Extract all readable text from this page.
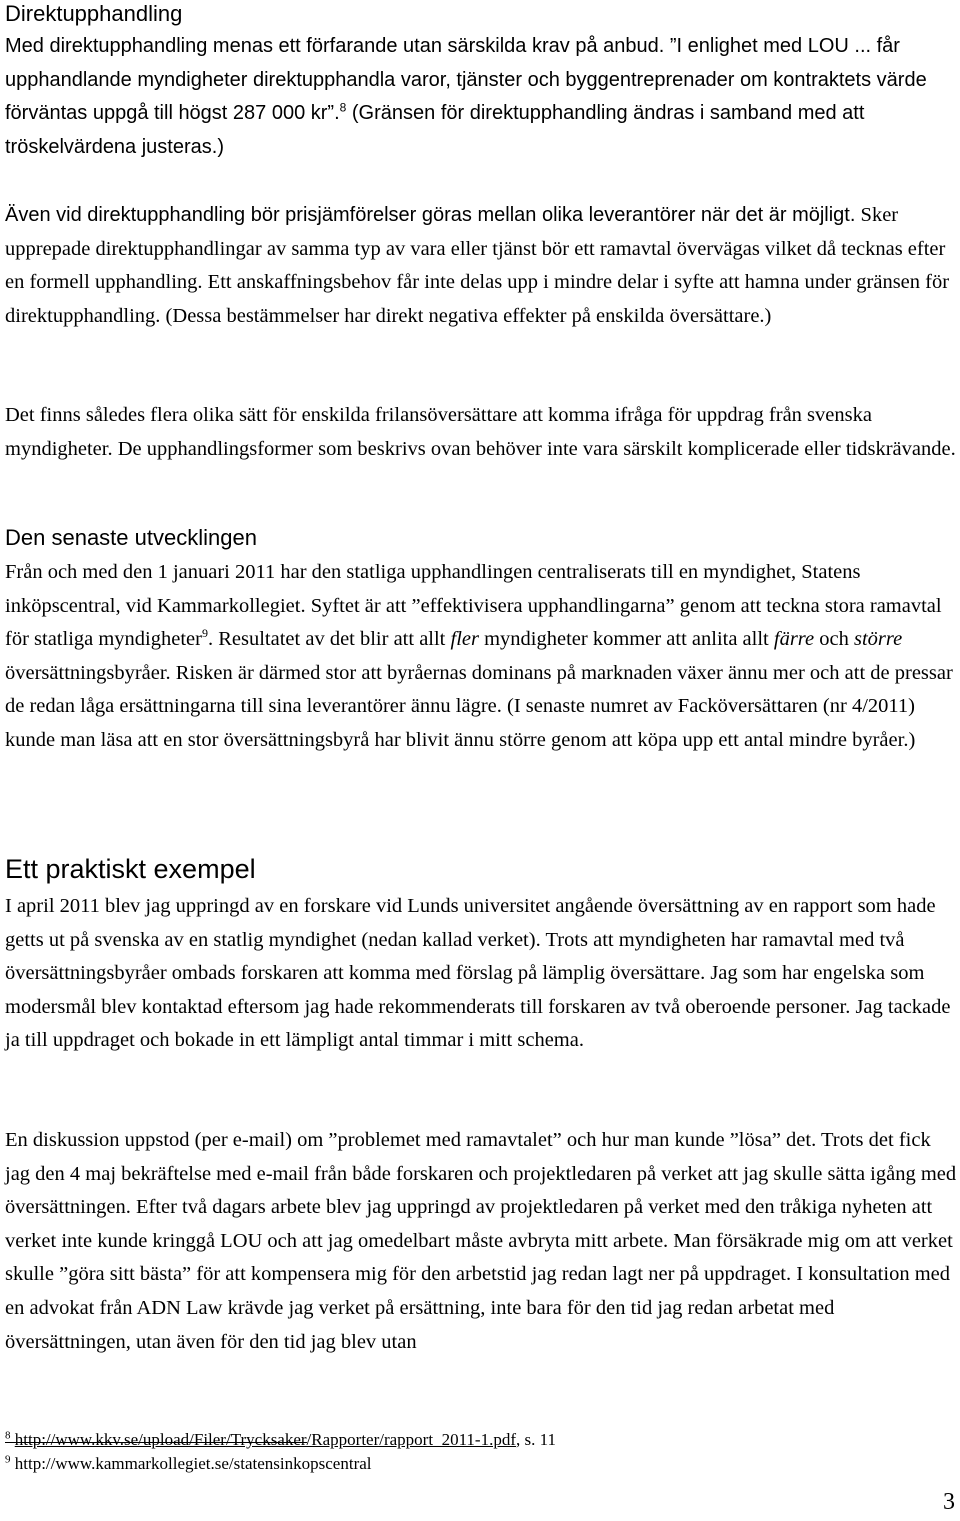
Direktupphandling

Med direktupphandling menas ett förfarande utan särskilda krav på anbud. ”I enlighet med LOU ... får upphandlande myndigheter direktupphandla varor, tjänster och byggentreprenader om kontraktets värde förväntas uppgå till högst 287 000 kr”.$^8$ (Gränsen för direktupphandling ändras i samband med att tröskelvärdena justeras.)

Även vid direktupphandling bör prisjämförelser göras mellan olika leverantörer när det är möjligt. Sker upprepade direktupphandlingar av samma typ av vara eller tjänst bör ett ramavtal övervägas vilket då tecknas efter en formell upphandling. Ett anskaffningsbehov får inte delas upp i mindre delar i syfte att hamna under gränsen för direktupphandling. (Dessa bestämmelser har direkt negativa effekter på enskilda översättare.)

Det finns således flera olika sätt för enskilda frilansöversättare att komma ifråga för uppdrag från svenska myndigheter. De upphandlingsformer som beskrivs ovan behöver inte vara särskilt komplicerade eller tidskrävande.

Den senaste utvecklingen

Från och med den 1 januari 2011 har den statliga upphandlingen centraliserats till en myndighet, Statens inköpscentral, vid Kammarkollegiet. Syftet är att ”effektivisera upphandlingarna” genom att teckna stora ramavtal för statliga myndigheter$^9$. Resultatet av det blir att allt fler myndigheter kommer att anlita allt färre och större översättningsbyråer. Risken är därmed stor att byråernas dominans på marknaden växer ännu mer och att de pressar de redan låga ersättningarna till sina leverantörer ännu lägre. (I senaste numret av Facköversättaren (nr 4/2011) kunde man läsa att en stor översättningsbyrå har blivit ännu större genom att köpa upp ett antal mindre byråer.)

Ett praktiskt exempel

I april 2011 blev jag uppringd av en forskare vid Lunds universitet angående översättning av en rapport som hade getts ut på svenska av en statlig myndighet (nedan kallad verket). Trots att myndigheten har ramavtal med två översättningsbyråer ombads forskaren att komma med förslag på lämplig översättare. Jag som har engelska som modersmål blev kontaktad eftersom jag hade rekommenderats till forskaren av två oberoende personer. Jag tackade ja till uppdraget och bokade in ett lämpligt antal timmar i mitt schema.

En diskussion uppstod (per e-mail) om ”problemet med ramavtalet” och hur man kunde ”lösa” det. Trots det fick jag den 4 maj bekräftelse med e-mail från både forskaren och projektledaren på verket att jag skulle sätta igång med översättningen. Efter två dagars arbete blev jag uppringd av projektledaren på verket med den tråkiga nyheten att verket inte kunde kringgå LOU och att jag omedelbart måste avbryta mitt arbete. Man försäkrade mig om att verket skulle ”göra sitt bästa” för att kompensera mig för den arbetstid jag redan lagt ner på uppdraget. I konsultation med en advokat från ADN Law krävde jag verket på ersättning, inte bara för den tid jag redan arbetat med översättningen, utan även för den tid jag blev utan

$^8$ http://www.kkv.se/upload/Filer/Trycksaker/Rapporter/rapport_2011-1.pdf, s. 11

$^9$ http://www.kammarkollegiet.se/statensinkopscentral

3
